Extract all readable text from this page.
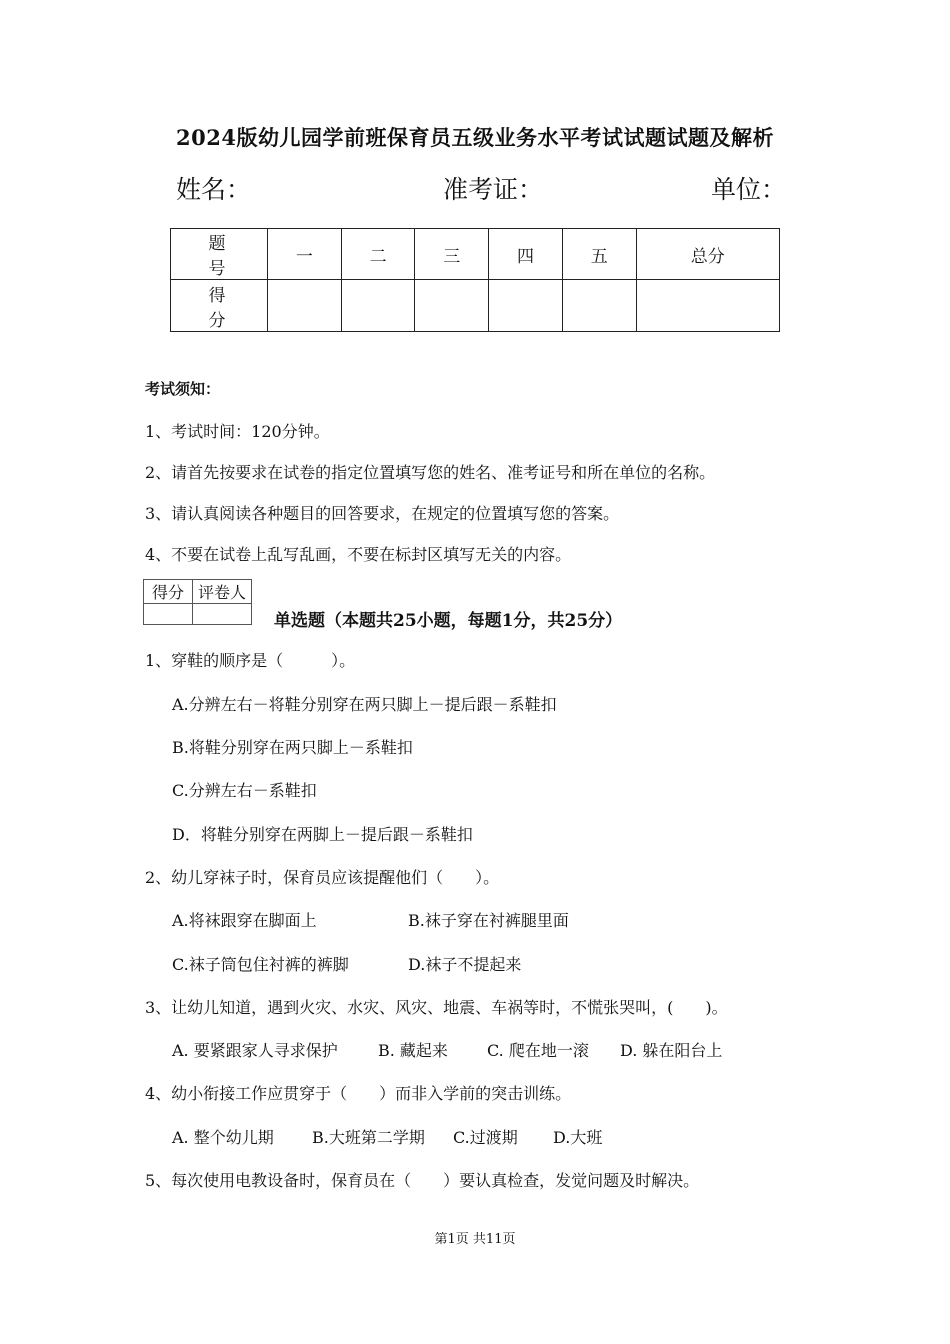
2024版幼儿园学前班保育员五级业务水平考试试题试题及解析
姓名：	准考证：	单位：
题　号	一	二	三	四	五	总分
得　分						
考试须知：
1、考试时间：120分钟。
2、请首先按要求在试卷的指定位置填写您的姓名、准考证号和所在单位的名称。
3、请认真阅读各种题目的回答要求，在规定的位置填写您的答案。
4、不要在试卷上乱写乱画，不要在标封区填写无关的内容。
得分	评卷人

单选题（本题共25小题，每题1分，共25分）
1、穿鞋的顺序是（　　　）。
A.分辨左右－将鞋分别穿在两只脚上－提后跟－系鞋扣
B.将鞋分别穿在两只脚上－系鞋扣
C.分辨左右－系鞋扣
D．将鞋分别穿在两脚上－提后跟－系鞋扣
2、幼儿穿袜子时，保育员应该提醒他们（　　）。
A.将袜跟穿在脚面上	B.袜子穿在衬裤腿里面
C.袜子筒包住衬裤的裤脚	D.袜子不提起来
3、让幼儿知道，遇到火灾、水灾、风灾、地震、车祸等时，不慌张哭叫，(　　)。
A. 要紧跟家人寻求保护	B. 藏起来 C. 爬在地一滚 D. 躲在阳台上
4、幼小衔接工作应贯穿于（　　）而非入学前的突击训练。
A. 整个幼儿期 B.大班第二学期 C.过渡期 D.大班
5、每次使用电教设备时，保育员在（　　）要认真检查，发觉问题及时解决。
第1页 共11页
